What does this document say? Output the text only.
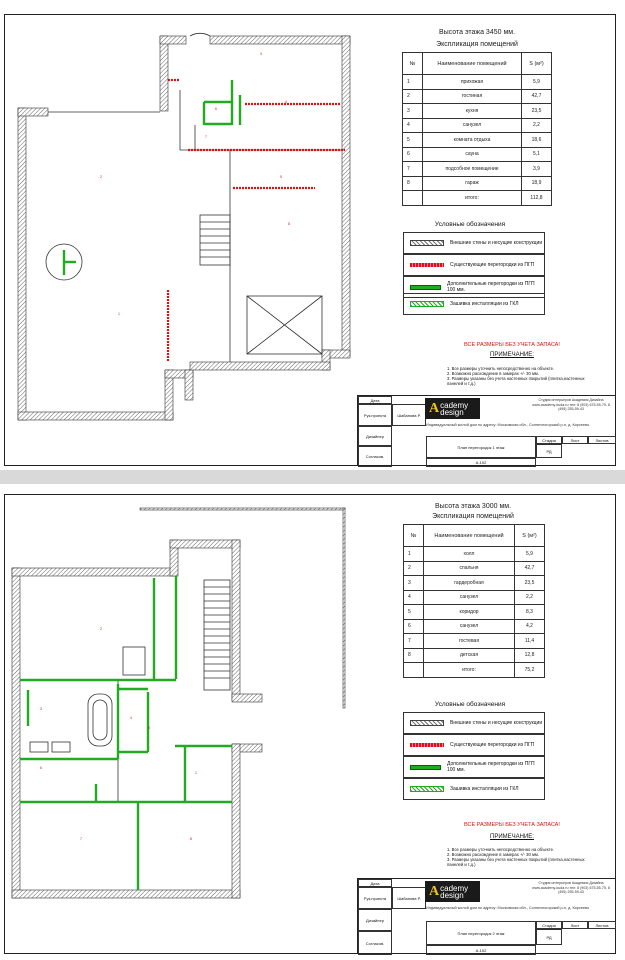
2
1
3
4
6
7
5
8
Высота этажа 3450 мм.
Экспликация помещений
№	Наименование помещений	S (м²)
1	прихожая	5,9
2	гостиная	42,7
3	кухня	23,5
4	санузел	2,2
5	комната отдыха	18,6
6	сауна	5,1
7	подсобное помещение	3,9
8	гараж	18,9
	итого:	112,8
Условные обозначения
Внешние стены и несущие конструкции
Существующие перегородки из ПГП
Дополнительные перегородки из ПГП 100 мм.
Зашивка инсталляции из ГКЛ
ВСЕ РАЗМЕРЫ БЕЗ УЧЕТА ЗАПАСА!
ПРИМЕЧАНИЕ:
1. Все размеры уточнить непосредственно на объекте.
2. Возможно расхождение в замерах +/- 30 мм.
3. Размеры указаны без учета настенных покрытий (плитка,настенных панелей и т.д.)
Дата
Рук.проекта	Шабанова Р.
Дизайнер
Согласов.
A cademy
design
Студия интерьеров Академия Дизайна www.academy-kuda.ru тел: 8 (903) 675-55-75, 8 (495) 255-59-43
Индивидуальный жилой дом по адресу: Московская обл., Солнечногорский р-н, д. Кирсеево
План перегородок 1 этаж
Стадия	Лист	Листов
РД
А-102
2
3
4
5
6
7	8
1
Высота этажа 3000 мм.
Экспликация помещений
№	Наименование помещений	S (м²)
1	холл	5,9
2	спальня	42,7
3	гардеробная	23,5
4	санузел	2,2
5	коридор	8,3
6	санузел	4,2
7	гостевая	11,4
8	детская	12,8
	итого:	75,2
Условные обозначения
Внешние стены и несущие конструкции
Существующие перегородки из ПГП
Дополнительные перегородки из ПГП 100 мм.
Зашивка инсталляции из ГКЛ
ВСЕ РАЗМЕРЫ БЕЗ УЧЕТА ЗАПАСА!
ПРИМЕЧАНИЕ:
1. Все размеры уточнить непосредственно на объекте.
2. Возможно расхождение в замерах +/- 30 мм.
3. Размеры указаны без учета настенных покрытий (плитка,настенных панелей и т.д.)
Дата
Рук.проекта	Шабанова Р.
Дизайнер
Согласов.
A cademy
design
Студия интерьеров Академия Дизайна www.academy-kuda.ru тел: 8 (903) 675-55-75, 8 (495) 255-59-43
Индивидуальный жилой дом по адресу: Московская обл., Солнечногорский р-н, д. Кирсеево
План перегородок 2 этаж
Стадия	Лист	Листов
РД
А-102
